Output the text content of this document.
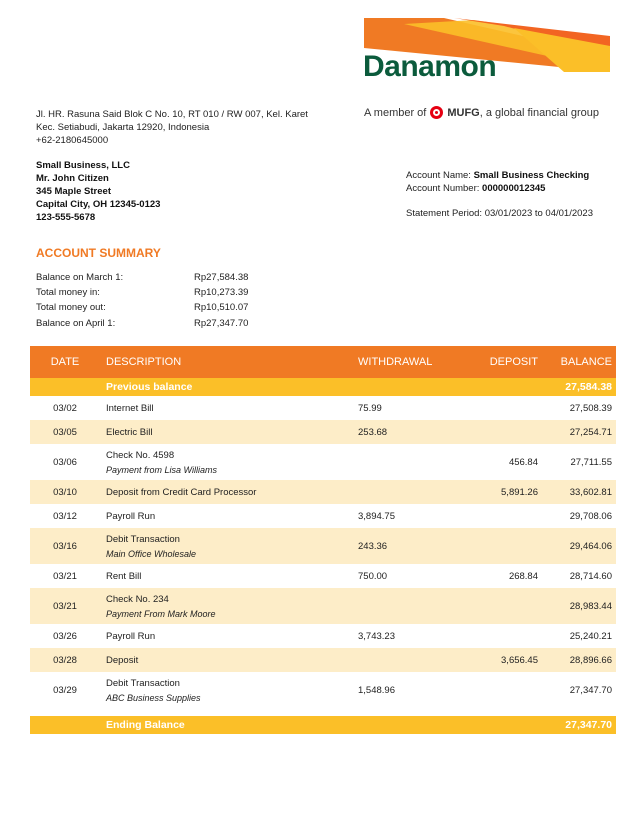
Danamon
A member of MUFG , a global financial group
Jl. HR. Rasuna Said Blok C No. 10, RT 010 / RW 007, Kel. Karet
Kec. Setiabudi, Jakarta 12920, Indonesia
+62-2180645000
Small Business, LLC
Mr. John Citizen
345 Maple Street
Capital City, OH 12345-0123
123-555-5678
Account Name: Small Business Checking
Account Number: 000000012345
Statement Period: 03/01/2023 to 04/01/2023
ACCOUNT SUMMARY
Balance on March 1:	Rp27,584.38
Total money in:	Rp10,273.39
Total money out:	Rp10,510.07
Balance on April 1:	Rp27,347.70
DATE	DESCRIPTION	WITHDRAWAL	DEPOSIT	BALANCE
	Previous balance			27,584.38
03/02	Internet Bill	75.99		27,508.39
03/05	Electric Bill	253.68		27,254.71
03/06	Check No. 4598
Payment from Lisa Williams		456.84	27,711.55
03/10	Deposit from Credit Card Processor		5,891.26	33,602.81
03/12	Payroll Run	3,894.75		29,708.06
03/16	Debit Transaction
Main Office Wholesale	243.36		29,464.06
03/21	Rent Bill	750.00	268.84	28,714.60
03/21	Check No. 234
Payment From Mark Moore			28,983.44
03/26	Payroll Run	3,743.23		25,240.21
03/28	Deposit		3,656.45	28,896.66
03/29	Debit Transaction
ABC Business Supplies	1,548.96		27,347.70

	Ending Balance			27,347.70
